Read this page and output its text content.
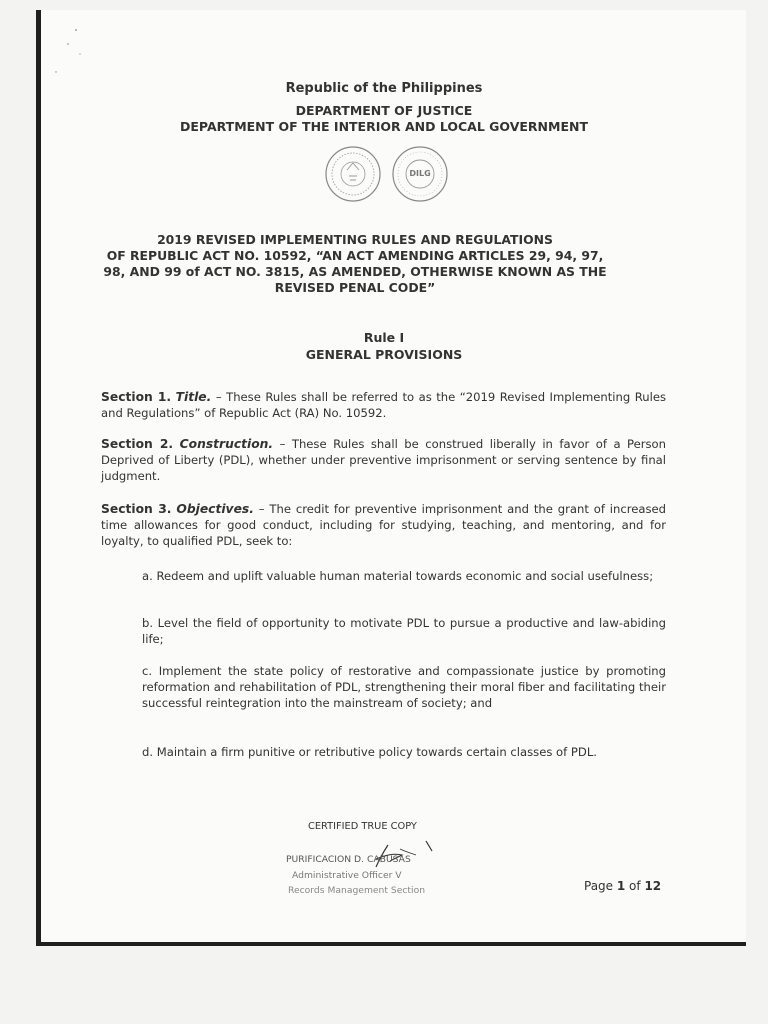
Republic of the Philippines
DEPARTMENT OF JUSTICE
DEPARTMENT OF THE INTERIOR AND LOCAL GOVERNMENT
DILG
2019 REVISED IMPLEMENTING RULES AND REGULATIONS
OF REPUBLIC ACT NO. 10592, “AN ACT AMENDING ARTICLES 29, 94, 97,
98, AND 99 of ACT NO. 3815, AS AMENDED, OTHERWISE KNOWN AS THE
REVISED PENAL CODE”
Rule I
GENERAL PROVISIONS
Section 1. Title. – These Rules shall be referred to as the “2019 Revised Implementing Rules and Regulations” of Republic Act (RA) No. 10592.
Section 2. Construction. – These Rules shall be construed liberally in favor of a Person Deprived of Liberty (PDL), whether under preventive imprisonment or serving sentence by final judgment.
Section 3. Objectives. – The credit for preventive imprisonment and the grant of increased time allowances for good conduct, including for studying, teaching, and mentoring, and for loyalty, to qualified PDL, seek to:
a. Redeem and uplift valuable human material towards economic and social usefulness;
b. Level the field of opportunity to motivate PDL to pursue a productive and law-abiding life;
c. Implement the state policy of restorative and compassionate justice by promoting reformation and rehabilitation of PDL, strengthening their moral fiber and facilitating their successful reintegration into the mainstream of society; and
d. Maintain a firm punitive or retributive policy towards certain classes of PDL.
CERTIFIED TRUE COPY
PURIFICACION D. CABUSAS
Administrative Officer V
Records Management Section	Page 1 of 12
